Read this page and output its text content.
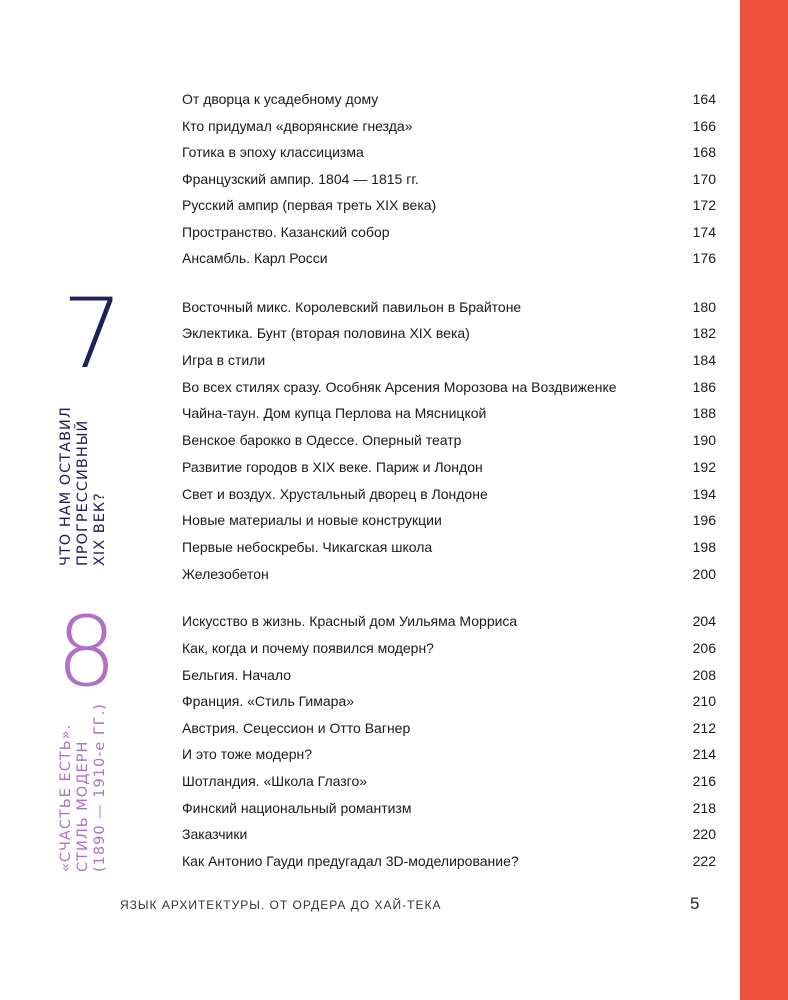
От дворца к усадебному дому	164
Кто придумал «дворянские гнезда»	166
Готика в эпоху классицизма	168
Французский ампир. 1804 — 1815 гг.	170
Русский ампир (первая треть XIX века)	172
Пространство. Казанский собор	174
Ансамбль. Карл Росси	176
7
ЧТО НАМ ОСТАВИЛ ПРОГРЕССИВНЫЙ XIX ВЕК?
Восточный микс. Королевский павильон в Брайтоне	180
Эклектика. Бунт (вторая половина XIX века)	182
Игра в стили	184
Во всех стилях сразу. Особняк Арсения Морозова на Воздвиженке	186
Чайна-таун. Дом купца Перлова на Мясницкой	188
Венское барокко в Одессе. Оперный театр	190
Развитие городов в XIX веке. Париж и Лондон	192
Свет и воздух. Хрустальный дворец в Лондоне	194
Новые материалы и новые конструкции	196
Первые небоскребы. Чикагская школа	198
Железобетон	200
8
«СЧАСТЬЕ ЕСТЬ». СТИЛЬ МОДЕРН (1890 — 1910-е ГГ.)
Искусство в жизнь. Красный дом Уильяма Морриса	204
Как, когда и почему появился модерн?	206
Бельгия. Начало	208
Франция. «Стиль Гимара»	210
Австрия. Сецессион и Отто Вагнер	212
И это тоже модерн?	214
Шотландия. «Школа Глазго»	216
Финский национальный романтизм	218
Заказчики	220
Как Антонио Гауди предугадал 3D-моделирование?	222
ЯЗЫК АРХИТЕКТУРЫ. ОТ ОРДЕРА ДО ХАЙ-ТЕКА	5
